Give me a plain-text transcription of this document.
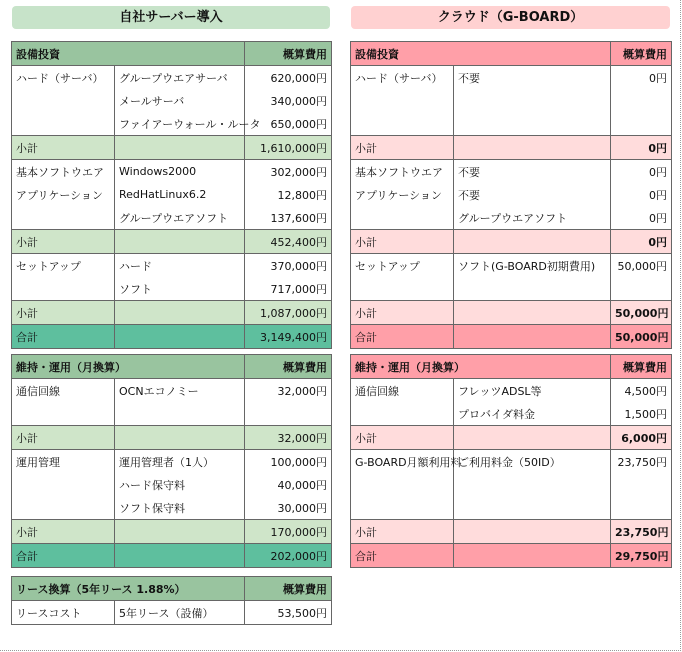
自社サーバー導入	クラウド（G-BOARD）
設備投資		概算費用
ハード（サーバ）	グループウエアサーバ	620,000円
	メールサーバ	340,000円
	ファイアーウォール・ルータ	650,000円
小計		1,610,000円
基本ソフトウエア	Windows2000	302,000円
アプリケーション	RedHatLinux6.2	12,800円
	グループウエアソフト	137,600円
小計		452,400円
セットアップ	ハード	370,000円
	ソフト	717,000円
小計		1,087,000円
合計		3,149,400円
設備投資		概算費用
ハード（サーバ）	不要	0円

小計		0円
基本ソフトウエア	不要	0円
アプリケーション	不要	0円
	グループウエアソフト	0円
小計		0円
セットアップ	ソフト(G-BOARD初期費用)	50,000円

小計		50,000円
合計		50,000円
維持・運用（月換算）		概算費用
通信回線	OCNエコノミー	32,000円

小計		32,000円
運用管理	運用管理者（1人）	100,000円
	ハード保守料	40,000円
	ソフト保守料	30,000円
小計		170,000円
合計		202,000円
維持・運用（月換算）		概算費用
通信回線	フレッツADSL等	4,500円
	プロバイダ料金	1,500円
小計		6,000円
G-BOARD月額利用料	ご利用料金（50ID）	23,750円

小計		23,750円
合計		29,750円
リース換算（5年リース 1.88%）		概算費用
リースコスト	5年リース（設備）	53,500円
